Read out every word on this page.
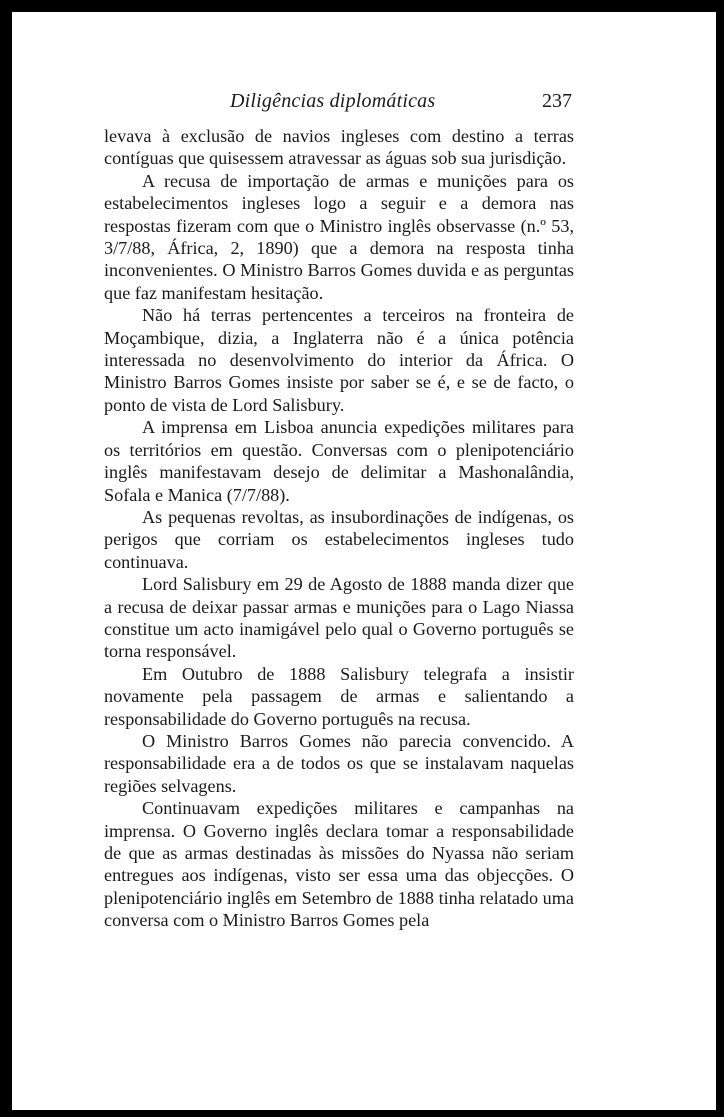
Diligências diplomáticas	237

levava à exclusão de navios ingleses com destino a terras contíguas que quisessem atravessar as águas sob sua jurisdição.

A recusa de importação de armas e munições para os estabelecimentos ingleses logo a seguir e a demora nas respostas fizeram com que o Ministro inglês observasse (n.º 53, 3/7/88, África, 2, 1890) que a demora na resposta tinha inconvenientes. O Ministro Barros Gomes duvida e as perguntas que faz manifestam hesitação.

Não há terras pertencentes a terceiros na fronteira de Moçambique, dizia, a Inglaterra não é a única potência interessada no desenvolvimento do interior da África. O Ministro Barros Gomes insiste por saber se é, e se de facto, o ponto de vista de Lord Salisbury.

A imprensa em Lisboa anuncia expedições militares para os territórios em questão. Conversas com o plenipotenciário inglês manifestavam desejo de delimitar a Mashonalândia, Sofala e Manica (7/7/88).

As pequenas revoltas, as insubordinações de indígenas, os perigos que corriam os estabelecimentos ingleses tudo continuava.

Lord Salisbury em 29 de Agosto de 1888 manda dizer que a recusa de deixar passar armas e munições para o Lago Niassa constitue um acto inamigável pelo qual o Governo português se torna responsável.

Em Outubro de 1888 Salisbury telegrafa a insistir novamente pela passagem de armas e salientando a responsabilidade do Governo português na recusa.

O Ministro Barros Gomes não parecia convencido. A responsabilidade era a de todos os que se instalavam naquelas regiões selvagens.

Continuavam expedições militares e campanhas na imprensa. O Governo inglês declara tomar a responsabilidade de que as armas destinadas às missões do Nyassa não seriam entregues aos indígenas, visto ser essa uma das objecções. O plenipotenciário inglês em Setembro de 1888 tinha relatado uma conversa com o Ministro Barros Gomes pela
